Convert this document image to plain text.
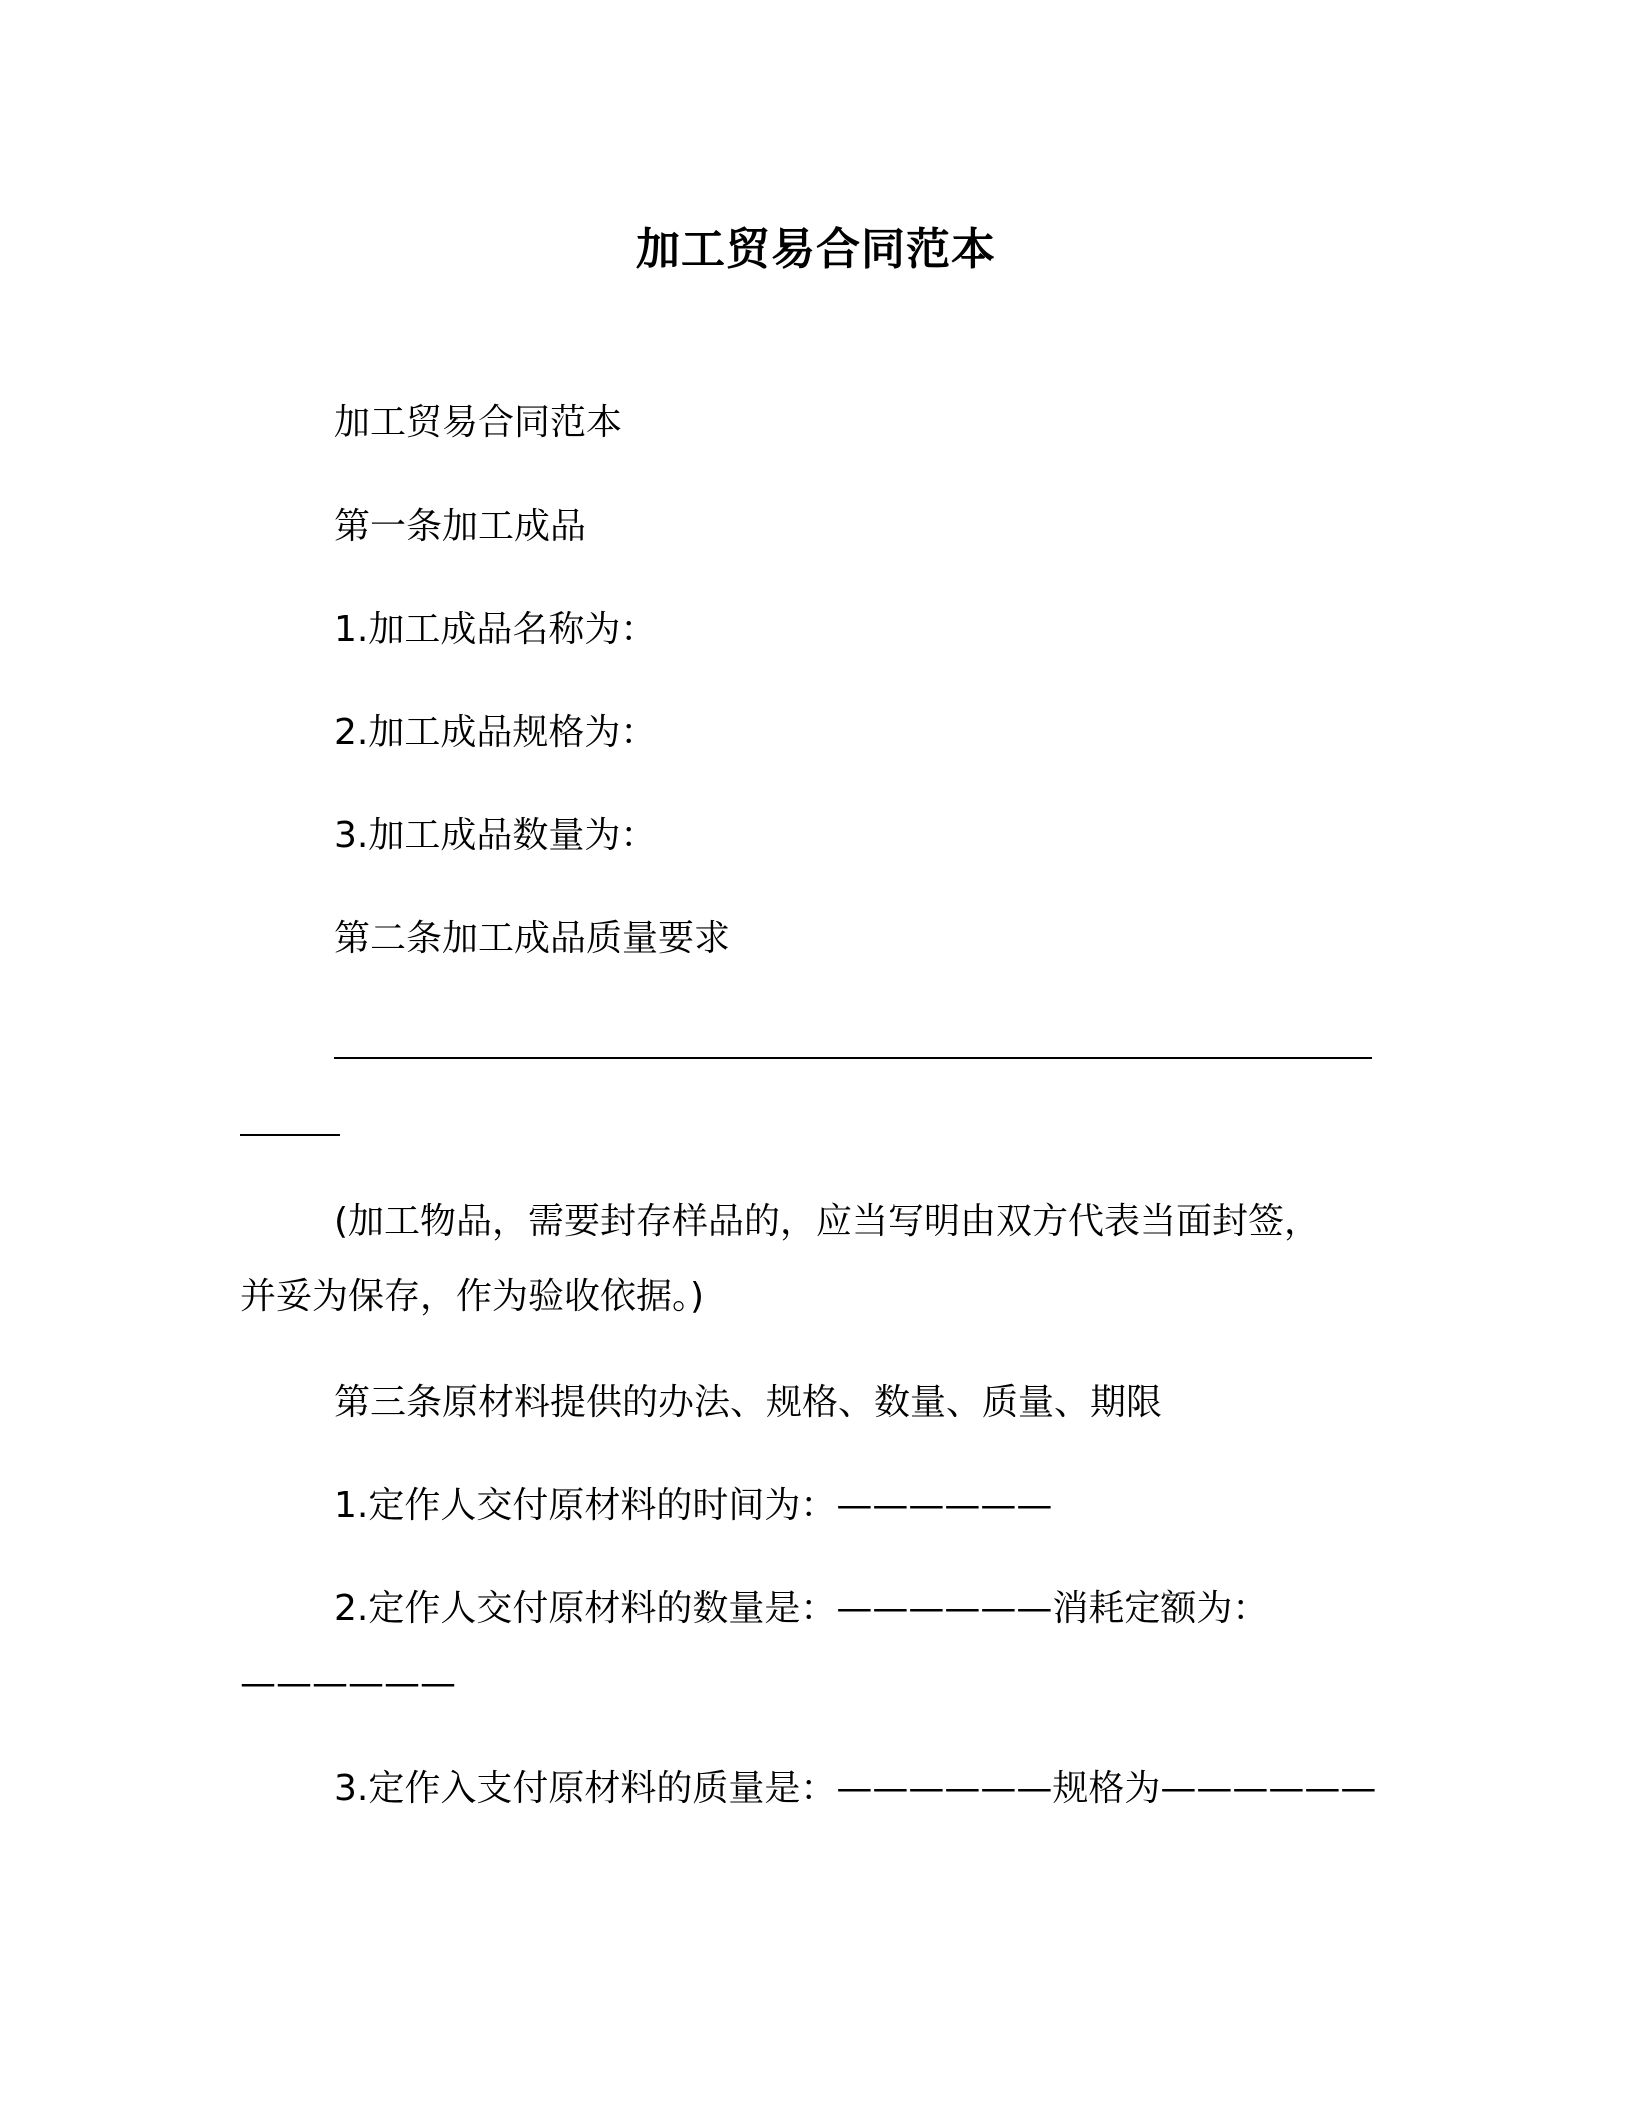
加工贸易合同范本
加工贸易合同范本
第一条加工成品
1.加工成品名称为：
2.加工成品规格为：
3.加工成品数量为：
第二条加工成品质量要求
(加工物品，需要封存样品的，应当写明由双方代表当面封签，
并妥为保存，作为验收依据。)
第三条原材料提供的办法、规格、数量、质量、期限
1.定作人交付原材料的时间为：——————
2.定作人交付原材料的数量是：——————消耗定额为：
——————
3.定作入支付原材料的质量是：——————规格为——————
